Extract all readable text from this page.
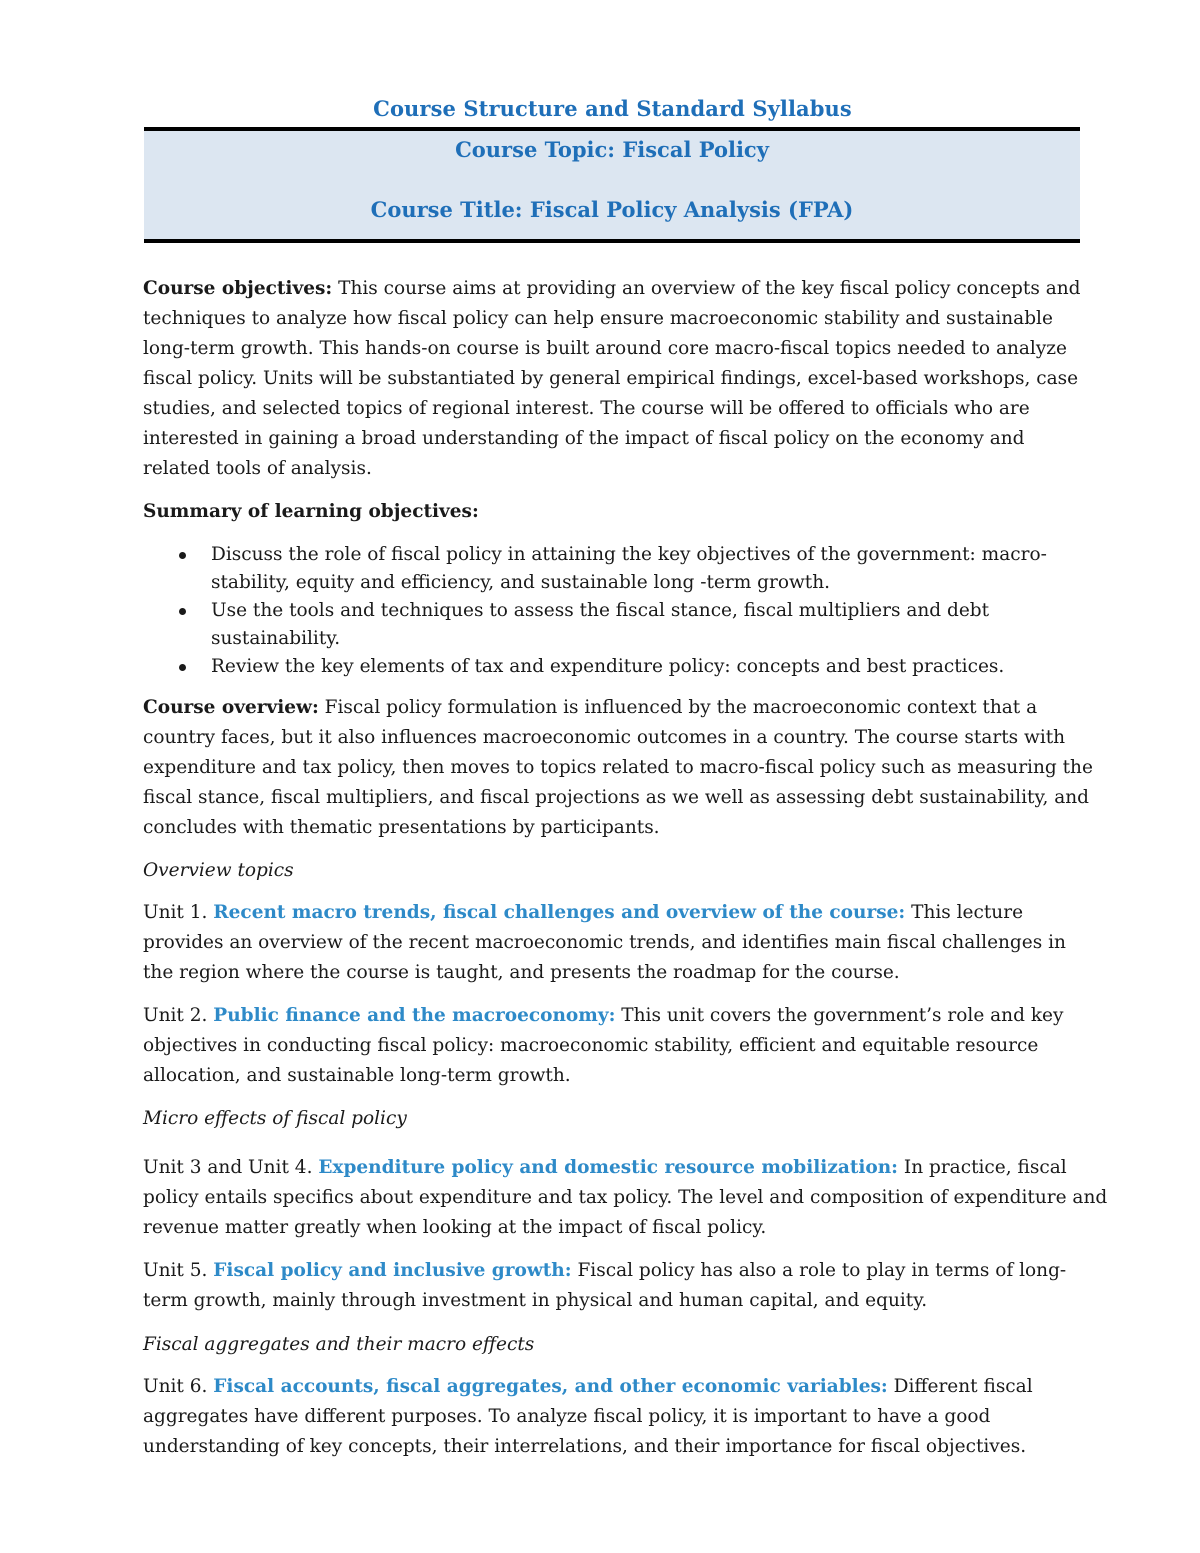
Course Structure and Standard Syllabus
Course Topic: Fiscal Policy
Course Title: Fiscal Policy Analysis (FPA)

Course objectives: This course aims at providing an overview of the key fiscal policy concepts and techniques to analyze how fiscal policy can help ensure macroeconomic stability and sustainable long-term growth. This hands-on course is built around core macro-fiscal topics needed to analyze fiscal policy. Units will be substantiated by general empirical findings, excel-based workshops, case studies, and selected topics of regional interest. The course will be offered to officials who are interested in gaining a broad understanding of the impact of fiscal policy on the economy and related tools of analysis.

Summary of learning objectives:

Discuss the role of fiscal policy in attaining the key objectives of the government: macro-stability, equity and efficiency, and sustainable long -term growth.
Use the tools and techniques to assess the fiscal stance, fiscal multipliers and debt sustainability.
Review the key elements of tax and expenditure policy: concepts and best practices.

Course overview: Fiscal policy formulation is influenced by the macroeconomic context that a country faces, but it also influences macroeconomic outcomes in a country. The course starts with expenditure and tax policy, then moves to topics related to macro-fiscal policy such as measuring the fiscal stance, fiscal multipliers, and fiscal projections as we well as assessing debt sustainability, and concludes with thematic presentations by participants.

Overview topics

Unit 1. Recent macro trends, fiscal challenges and overview of the course: This lecture provides an overview of the recent macroeconomic trends, and identifies main fiscal challenges in the region where the course is taught, and presents the roadmap for the course.

Unit 2. Public finance and the macroeconomy: This unit covers the government’s role and key objectives in conducting fiscal policy: macroeconomic stability, efficient and equitable resource allocation, and sustainable long-term growth.

Micro effects of fiscal policy

Unit 3 and Unit 4. Expenditure policy and domestic resource mobilization: In practice, fiscal policy entails specifics about expenditure and tax policy. The level and composition of expenditure and revenue matter greatly when looking at the impact of fiscal policy.

Unit 5. Fiscal policy and inclusive growth: Fiscal policy has also a role to play in terms of long-term growth, mainly through investment in physical and human capital, and equity.

Fiscal aggregates and their macro effects

Unit 6. Fiscal accounts, fiscal aggregates, and other economic variables: Different fiscal aggregates have different purposes. To analyze fiscal policy, it is important to have a good understanding of key concepts, their interrelations, and their importance for fiscal objectives.
